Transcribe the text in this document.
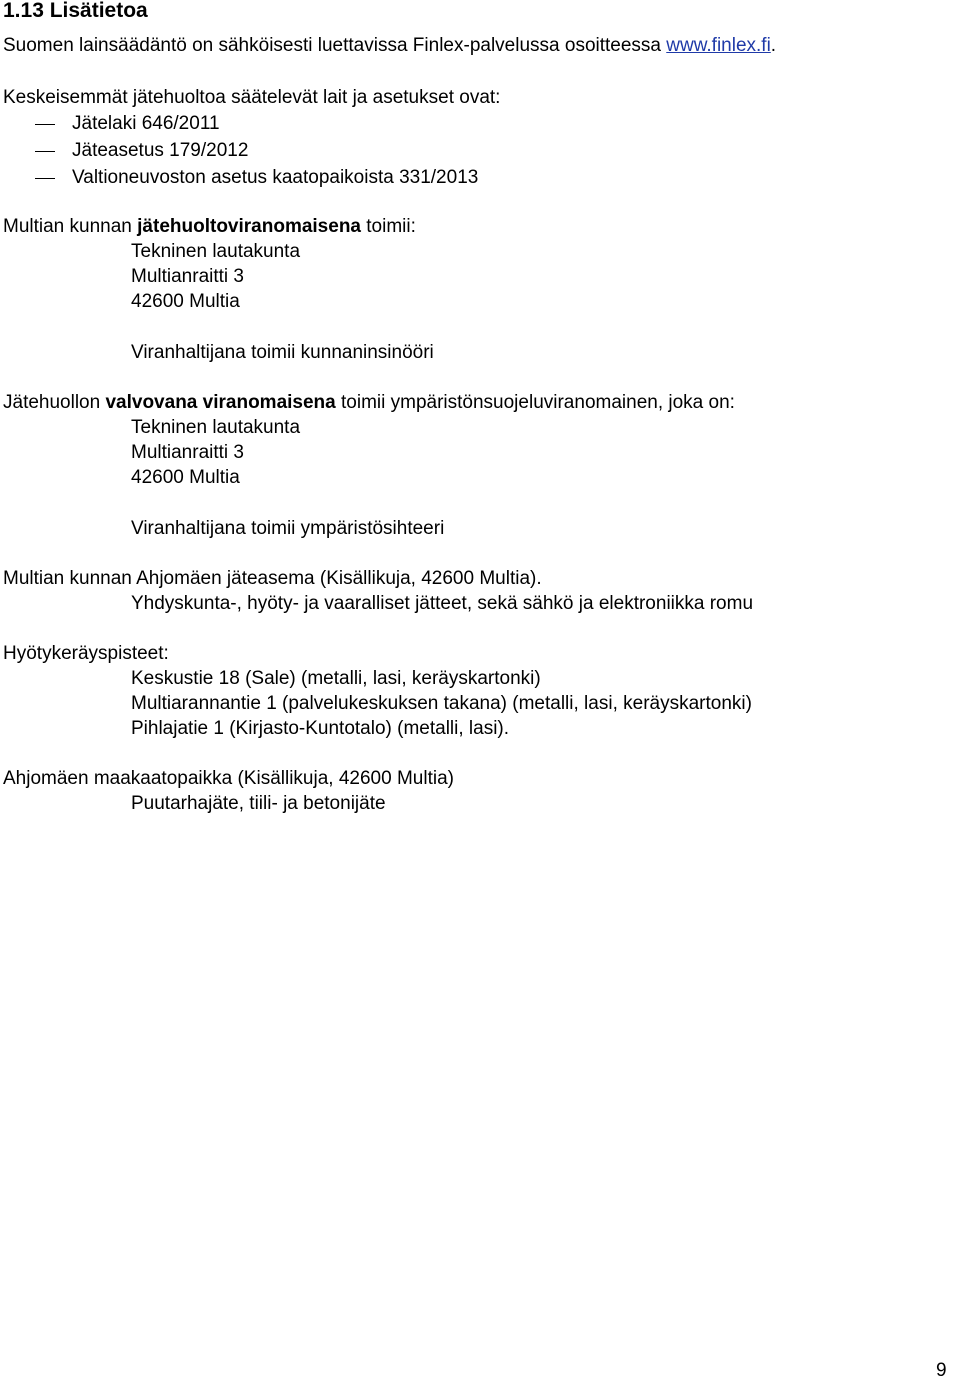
1.13 Lisätietoa
Suomen lainsäädäntö on sähköisesti luettavissa Finlex-palvelussa osoitteessa www.finlex.fi.
Keskeisemmät jätehuoltoa säätelevät lait ja asetukset ovat:
Jätelaki 646/2011
Jäteasetus 179/2012
Valtioneuvoston asetus kaatopaikoista 331/2013
Multian kunnan jätehuoltoviranomaisena toimii:
Tekninen lautakunta
Multianraitti 3
42600 Multia
Viranhaltijana toimii kunnaninsinööri
Jätehuollon valvovana viranomaisena toimii ympäristönsuojeluviranomainen, joka on:
Tekninen lautakunta
Multianraitti 3
42600 Multia
Viranhaltijana toimii ympäristösihteeri
Multian kunnan Ahjomäen jäteasema (Kisällikuja, 42600 Multia).
Yhdyskunta-, hyöty- ja vaaralliset jätteet, sekä sähkö ja elektroniikka romu
Hyötykeräyspisteet:
Keskustie 18 (Sale) (metalli, lasi, keräyskartonki)
Multiarannantie 1 (palvelukeskuksen takana) (metalli, lasi, keräyskartonki)
Pihlajatie 1 (Kirjasto-Kuntotalo) (metalli, lasi).
Ahjomäen maakaatopaikka (Kisällikuja, 42600 Multia)
Puutarhajäte, tiili- ja betonijäte
9
